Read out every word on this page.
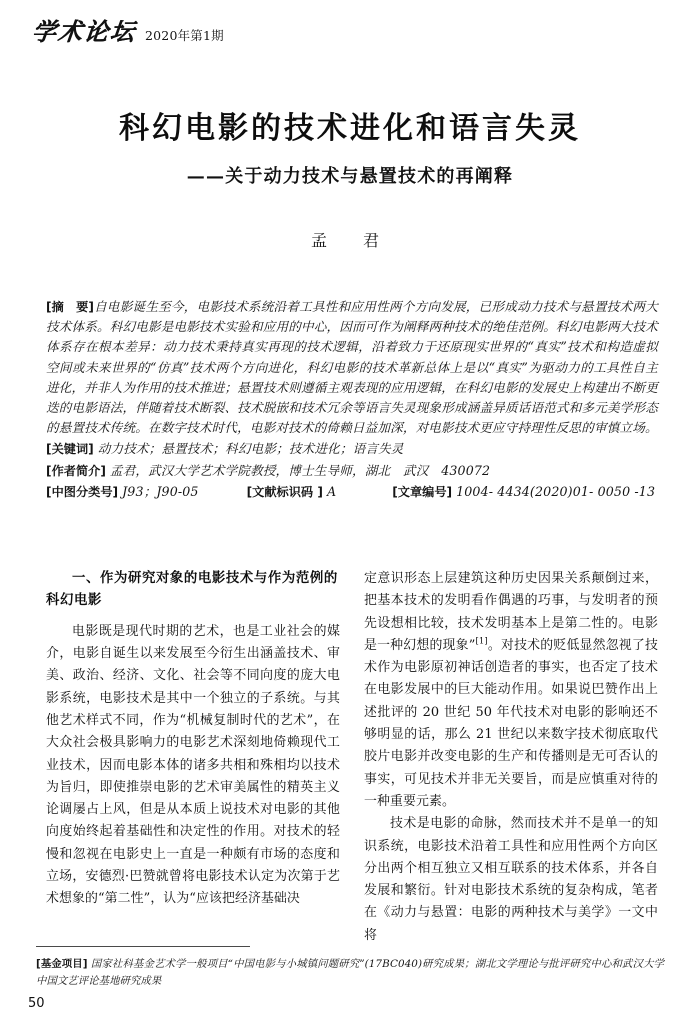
学术论坛 2020年第1期
科幻电影的技术进化和语言失灵
——关于动力技术与悬置技术的再阐释
孟　君

[摘　要]自电影诞生至今，电影技术系统沿着工具性和应用性两个方向发展，已形成动力技术与悬置技术两大技术体系。科幻电影是电影技术实验和应用的中心，因而可作为阐释两种技术的绝佳范例。科幻电影两大技术体系存在根本差异：动力技术秉持真实再现的技术逻辑，沿着致力于还原现实世界的“真实”技术和构造虚拟空间或未来世界的“仿真”技术两个方向进化，科幻电影的技术革新总体上是以“真实”为驱动力的工具性自主进化，并非人为作用的技术推进；悬置技术则遵循主观表现的应用逻辑，在科幻电影的发展史上构建出不断更迭的电影语法，伴随着技术断裂、技术脱嵌和技术冗余等语言失灵现象形成涵盖异质话语范式和多元美学形态的悬置技术传统。在数字技术时代，电影对技术的倚赖日益加深，对电影技术更应守持理性反思的审慎立场。

[关键词] 动力技术；悬置技术；科幻电影；技术进化；语言失灵
[作者简介] 孟君，武汉大学艺术学院教授，博士生导师，湖北　武汉　430072
[中图分类号] J93；J90-05	[文献标识码 ] A	[文章编号] 1004- 4434(2020)01- 0050 -13
一、作为研究对象的电影技术与作为范例的科幻电影

电影既是现代时期的艺术，也是工业社会的媒介，电影自诞生以来发展至今衍生出涵盖技术、审美、政治、经济、文化、社会等不同向度的庞大电影系统，电影技术是其中一个独立的子系统。与其他艺术样式不同，作为“机械复制时代的艺术”，在大众社会极具影响力的电影艺术深刻地倚赖现代工业技术，因而电影本体的诸多共相和殊相均以技术为旨归，即使推崇电影的艺术审美属性的精英主义论调屡占上风，但是从本质上说技术对电影的其他向度始终起着基础性和决定性的作用。对技术的轻慢和忽视在电影史上一直是一种颇有市场的态度和立场，安德烈·巴赞就曾将电影技术认定为次第于艺术想象的“第二性”，认为“应该把经济基础决

定意识形态上层建筑这种历史因果关系颠倒过来，把基本技术的发明看作偶遇的巧事，与发明者的预先设想相比较，技术发明基本上是第二性的。电影是一种幻想的现象”[1]。对技术的贬低显然忽视了技术作为电影原初神话创造者的事实，也否定了技术在电影发展中的巨大能动作用。如果说巴赞作出上述批评的 20 世纪 50 年代技术对电影的影响还不够明显的话，那么 21 世纪以来数字技术彻底取代胶片电影并改变电影的生产和传播则是无可否认的事实，可见技术并非无关要旨，而是应慎重对待的一种重要元素。

技术是电影的命脉，然而技术并不是单一的知识系统，电影技术沿着工具性和应用性两个方向区分出两个相互独立又相互联系的技术体系，并各自发展和繁衍。针对电影技术系统的复杂构成，笔者在《动力与悬置：电影的两种技术与美学》一文中将

[基金项目] 国家社科基金艺术学一般项目“中国电影与小城镇问题研究”(17BC040)研究成果；湖北文学理论与批评研究中心和武汉大学中国文艺评论基地研究成果
50
